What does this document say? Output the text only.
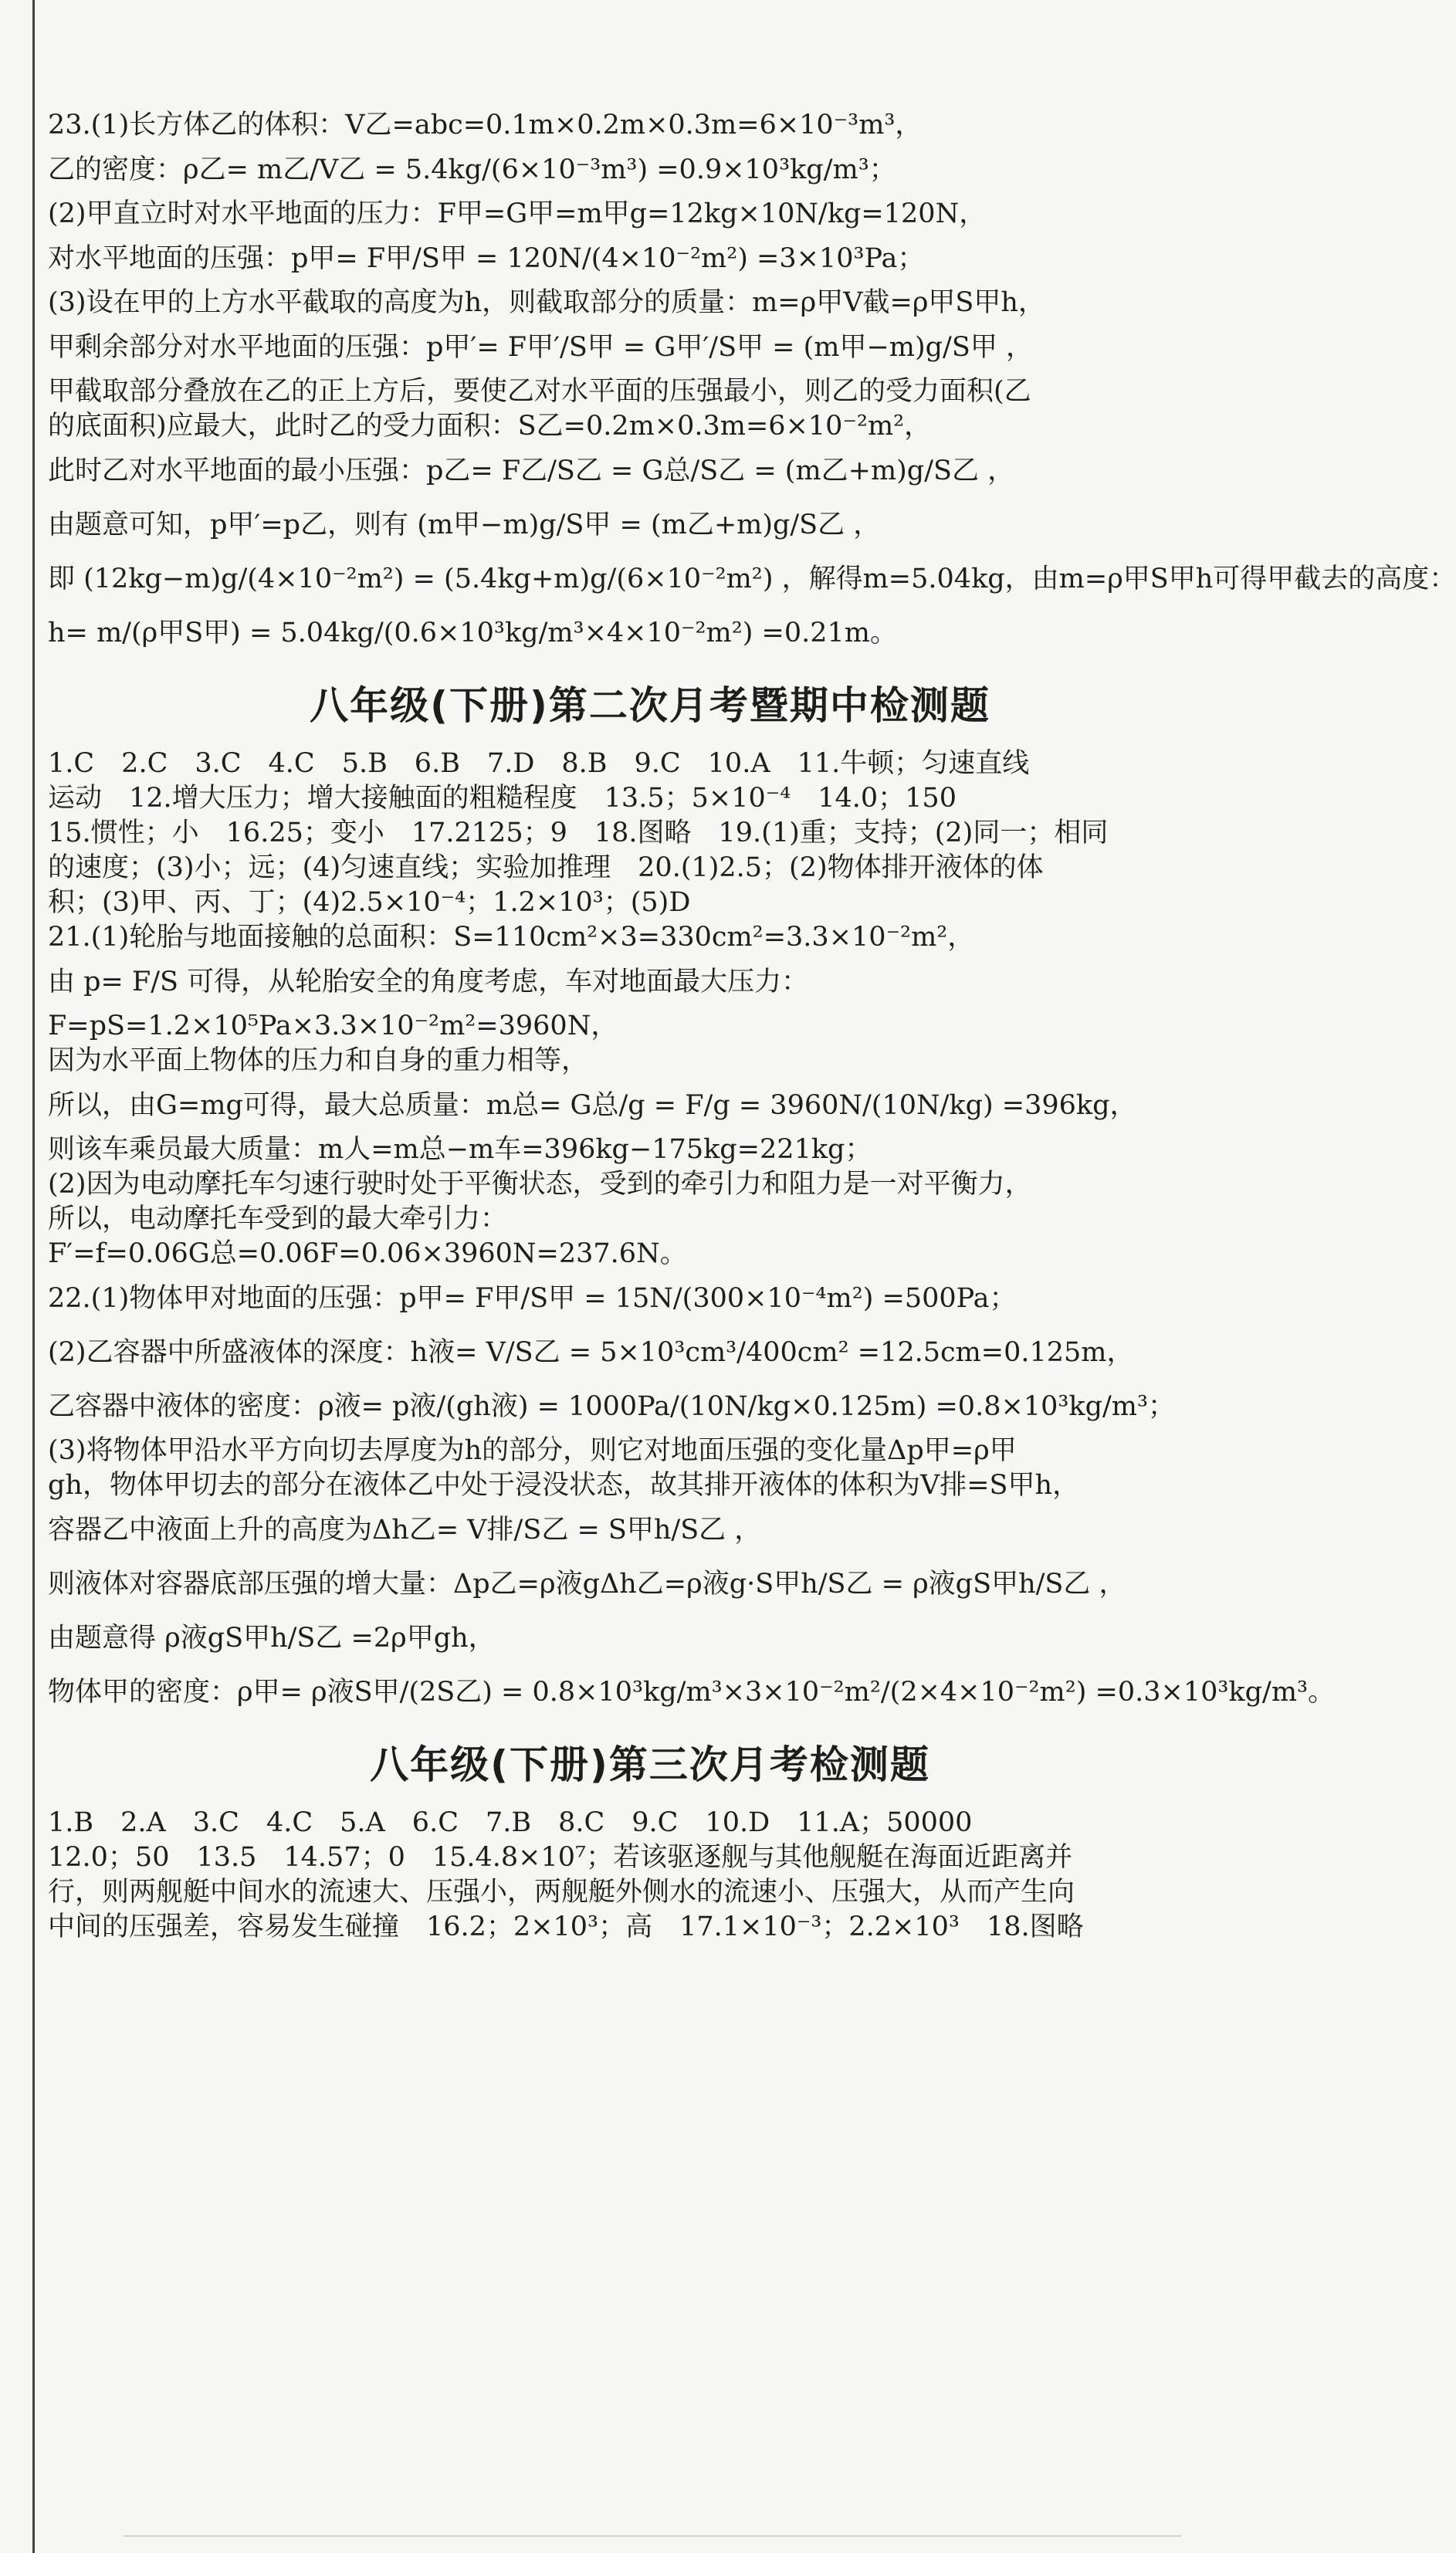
23.(1)长方体乙的体积：V乙=abc=0.1m×0.2m×0.3m=6×10⁻³m³，

乙的密度：ρ乙= m乙/V乙 = 5.4kg/(6×10⁻³m³) =0.9×10³kg/m³；

(2)甲直立时对水平地面的压力：F甲=G甲=m甲g=12kg×10N/kg=120N，

对水平地面的压强：p甲= F甲/S甲 = 120N/(4×10⁻²m²) =3×10³Pa；

(3)设在甲的上方水平截取的高度为h，则截取部分的质量：m=ρ甲V截=ρ甲S甲h，

甲剩余部分对水平地面的压强：p甲′= F甲′/S甲 = G甲′/S甲 = (m甲−m)g/S甲 ，

甲截取部分叠放在乙的正上方后，要使乙对水平面的压强最小，则乙的受力面积(乙

的底面积)应最大，此时乙的受力面积：S乙=0.2m×0.3m=6×10⁻²m²，

此时乙对水平地面的最小压强：p乙= F乙/S乙 = G总/S乙 = (m乙+m)g/S乙 ，

由题意可知，p甲′=p乙，则有 (m甲−m)g/S甲 = (m乙+m)g/S乙 ，

即 (12kg−m)g/(4×10⁻²m²) = (5.4kg+m)g/(6×10⁻²m²) ，解得m=5.04kg，由m=ρ甲S甲h可得甲截去的高度：

h= m/(ρ甲S甲) = 5.04kg/(0.6×10³kg/m³×4×10⁻²m²) =0.21m。

八年级(下册)第二次月考暨期中检测题

1.C　2.C　3.C　4.C　5.B　6.B　7.D　8.B　9.C　10.A　11.牛顿；匀速直线

运动　12.增大压力；增大接触面的粗糙程度　13.5；5×10⁻⁴　14.0；150

15.惯性；小　16.25；变小　17.2125；9　18.图略　19.(1)重；支持；(2)同一；相同

的速度；(3)小；远；(4)匀速直线；实验加推理　20.(1)2.5；(2)物体排开液体的体

积；(3)甲、丙、丁；(4)2.5×10⁻⁴；1.2×10³；(5)D

21.(1)轮胎与地面接触的总面积：S=110cm²×3=330cm²=3.3×10⁻²m²，

由 p= F/S 可得，从轮胎安全的角度考虑，车对地面最大压力：

F=pS=1.2×10⁵Pa×3.3×10⁻²m²=3960N，

因为水平面上物体的压力和自身的重力相等，

所以，由G=mg可得，最大总质量：m总= G总/g = F/g = 3960N/(10N/kg) =396kg，

则该车乘员最大质量：m人=m总−m车=396kg−175kg=221kg；

(2)因为电动摩托车匀速行驶时处于平衡状态，受到的牵引力和阻力是一对平衡力，

所以，电动摩托车受到的最大牵引力：

F′=f=0.06G总=0.06F=0.06×3960N=237.6N。

22.(1)物体甲对地面的压强：p甲= F甲/S甲 = 15N/(300×10⁻⁴m²) =500Pa；

(2)乙容器中所盛液体的深度：h液= V/S乙 = 5×10³cm³/400cm² =12.5cm=0.125m，

乙容器中液体的密度：ρ液= p液/(gh液) = 1000Pa/(10N/kg×0.125m) =0.8×10³kg/m³；

(3)将物体甲沿水平方向切去厚度为h的部分，则它对地面压强的变化量Δp甲=ρ甲

gh，物体甲切去的部分在液体乙中处于浸没状态，故其排开液体的体积为V排=S甲h，

容器乙中液面上升的高度为Δh乙= V排/S乙 = S甲h/S乙 ，

则液体对容器底部压强的增大量：Δp乙=ρ液gΔh乙=ρ液g·S甲h/S乙 = ρ液gS甲h/S乙 ，

由题意得 ρ液gS甲h/S乙 =2ρ甲gh，

物体甲的密度：ρ甲= ρ液S甲/(2S乙) = 0.8×10³kg/m³×3×10⁻²m²/(2×4×10⁻²m²) =0.3×10³kg/m³。

八年级(下册)第三次月考检测题

1.B　2.A　3.C　4.C　5.A　6.C　7.B　8.C　9.C　10.D　11.A；50000

12.0；50　13.5　14.57；0　15.4.8×10⁷；若该驱逐舰与其他舰艇在海面近距离并

行，则两舰艇中间水的流速大、压强小，两舰艇外侧水的流速小、压强大，从而产生向

中间的压强差，容易发生碰撞　16.2；2×10³；高　17.1×10⁻³；2.2×10³　18.图略
